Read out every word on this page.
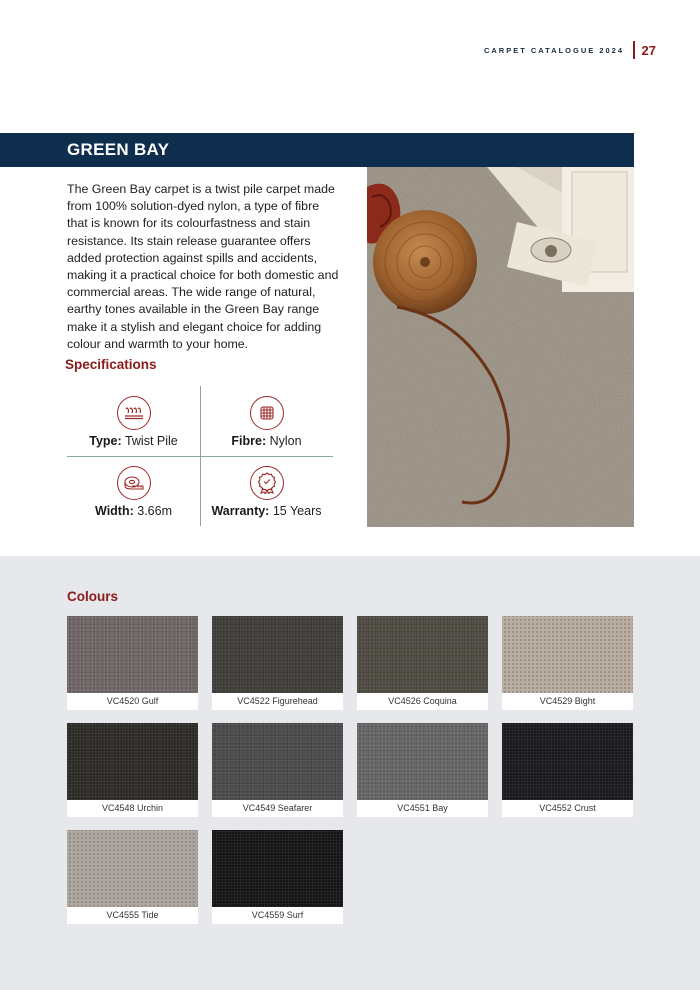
CARPET CATALOGUE 2024 27
GREEN BAY

The Green Bay carpet is a twist pile carpet made from 100% solution-dyed nylon, a type of fibre that is known for its colourfastness and stain resistance. Its stain release guarantee offers added protection against spills and accidents, making it a practical choice for both domestic and commercial areas. The wide range of natural, earthy tones available in the Green Bay range make it a stylish and elegant choice for adding colour and warmth to your home.

Specifications
Type: Twist Pile	Fibre: Nylon
Width: 3.66m	Warranty: 15 Years
Colours
VC4520 Gulf	VC4522 Figurehead	VC4526 Coquina	VC4529 Bight
VC4548 Urchin	VC4549 Seafarer	VC4551 Bay	VC4552 Crust
VC4555 Tide	VC4559 Surf
